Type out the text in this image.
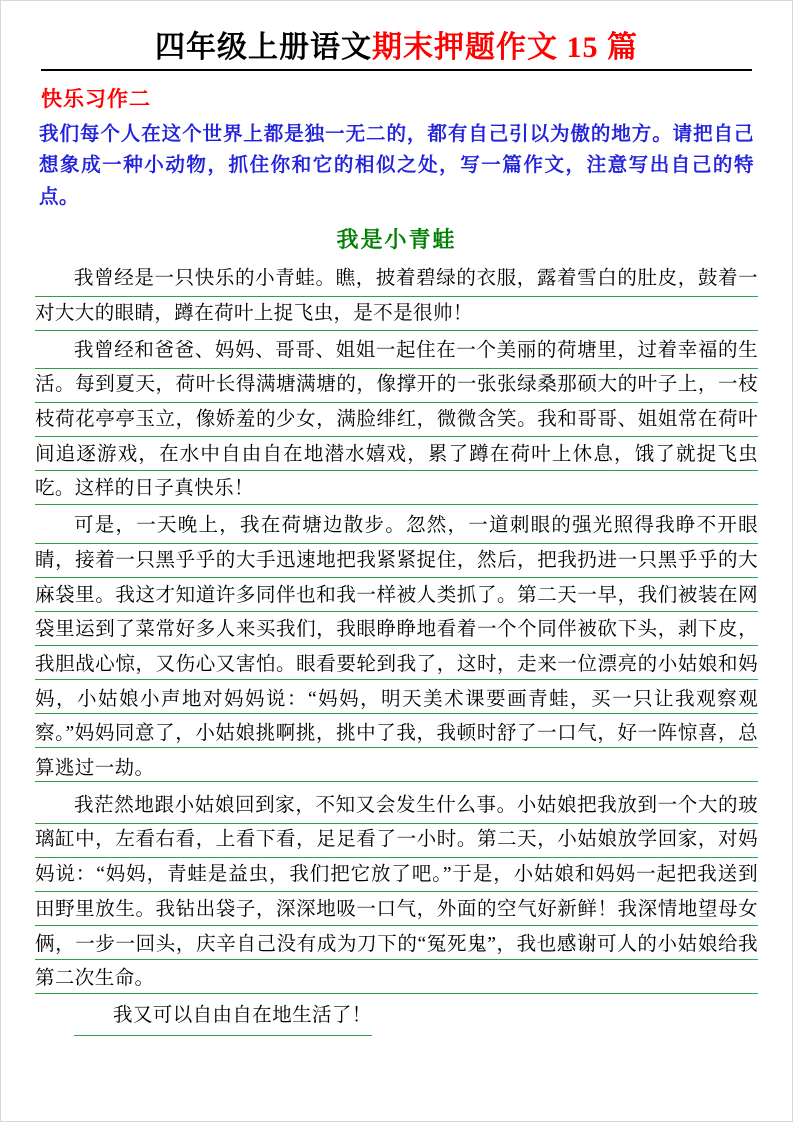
四年级上册语文 期末押题作文 15 篇
快乐习作二
我们每个人在这个世界上都是独一无二的，都有自己引以为傲的地方。请把自己想象成一种小动物，抓住你和它的相似之处，写一篇作文，注意写出自己的特点。
我是小青蛙

我曾经是一只快乐的小青蛙。瞧，披着碧绿的衣服，露着雪白的肚皮，鼓着一对大大的眼睛，蹲在荷叶上捉飞虫，是不是很帅！

我曾经和爸爸、妈妈、哥哥、姐姐一起住在一个美丽的荷塘里，过着幸福的生活。每到夏天，荷叶长得满塘满塘的，像撑开的一张张绿桑那硕大的叶子上，一枝枝荷花亭亭玉立，像娇羞的少女，满脸绯红，微微含笑。我和哥哥、姐姐常在荷叶间追逐游戏，在水中自由自在地潜水嬉戏，累了蹲在荷叶上休息，饿了就捉飞虫吃。这样的日子真快乐！

可是，一天晚上，我在荷塘边散步。忽然，一道刺眼的强光照得我睁不开眼睛，接着一只黑乎乎的大手迅速地把我紧紧捉住，然后，把我扔进一只黑乎乎的大麻袋里。我这才知道许多同伴也和我一样被人类抓了。第二天一早，我们被装在网袋里运到了菜常好多人来买我们，我眼睁睁地看着一个个同伴被砍下头，剥下皮，我胆战心惊，又伤心又害怕。眼看要轮到我了，这时，走来一位漂亮的小姑娘和妈妈，小姑娘小声地对妈妈说：“妈妈，明天美术课要画青蛙，买一只让我观察观察。”妈妈同意了，小姑娘挑啊挑，挑中了我，我顿时舒了一口气，好一阵惊喜，总算逃过一劫。

我茫然地跟小姑娘回到家，不知又会发生什么事。小姑娘把我放到一个大的玻璃缸中，左看右看，上看下看，足足看了一小时。第二天，小姑娘放学回家，对妈妈说：“妈妈，青蛙是益虫，我们把它放了吧。”于是，小姑娘和妈妈一起把我送到田野里放生。我钻出袋子，深深地吸一口气，外面的空气好新鲜！我深情地望母女俩，一步一回头，庆辛自己没有成为刀下的“冤死鬼”，我也感谢可人的小姑娘给我第二次生命。

我又可以自由自在地生活了！
